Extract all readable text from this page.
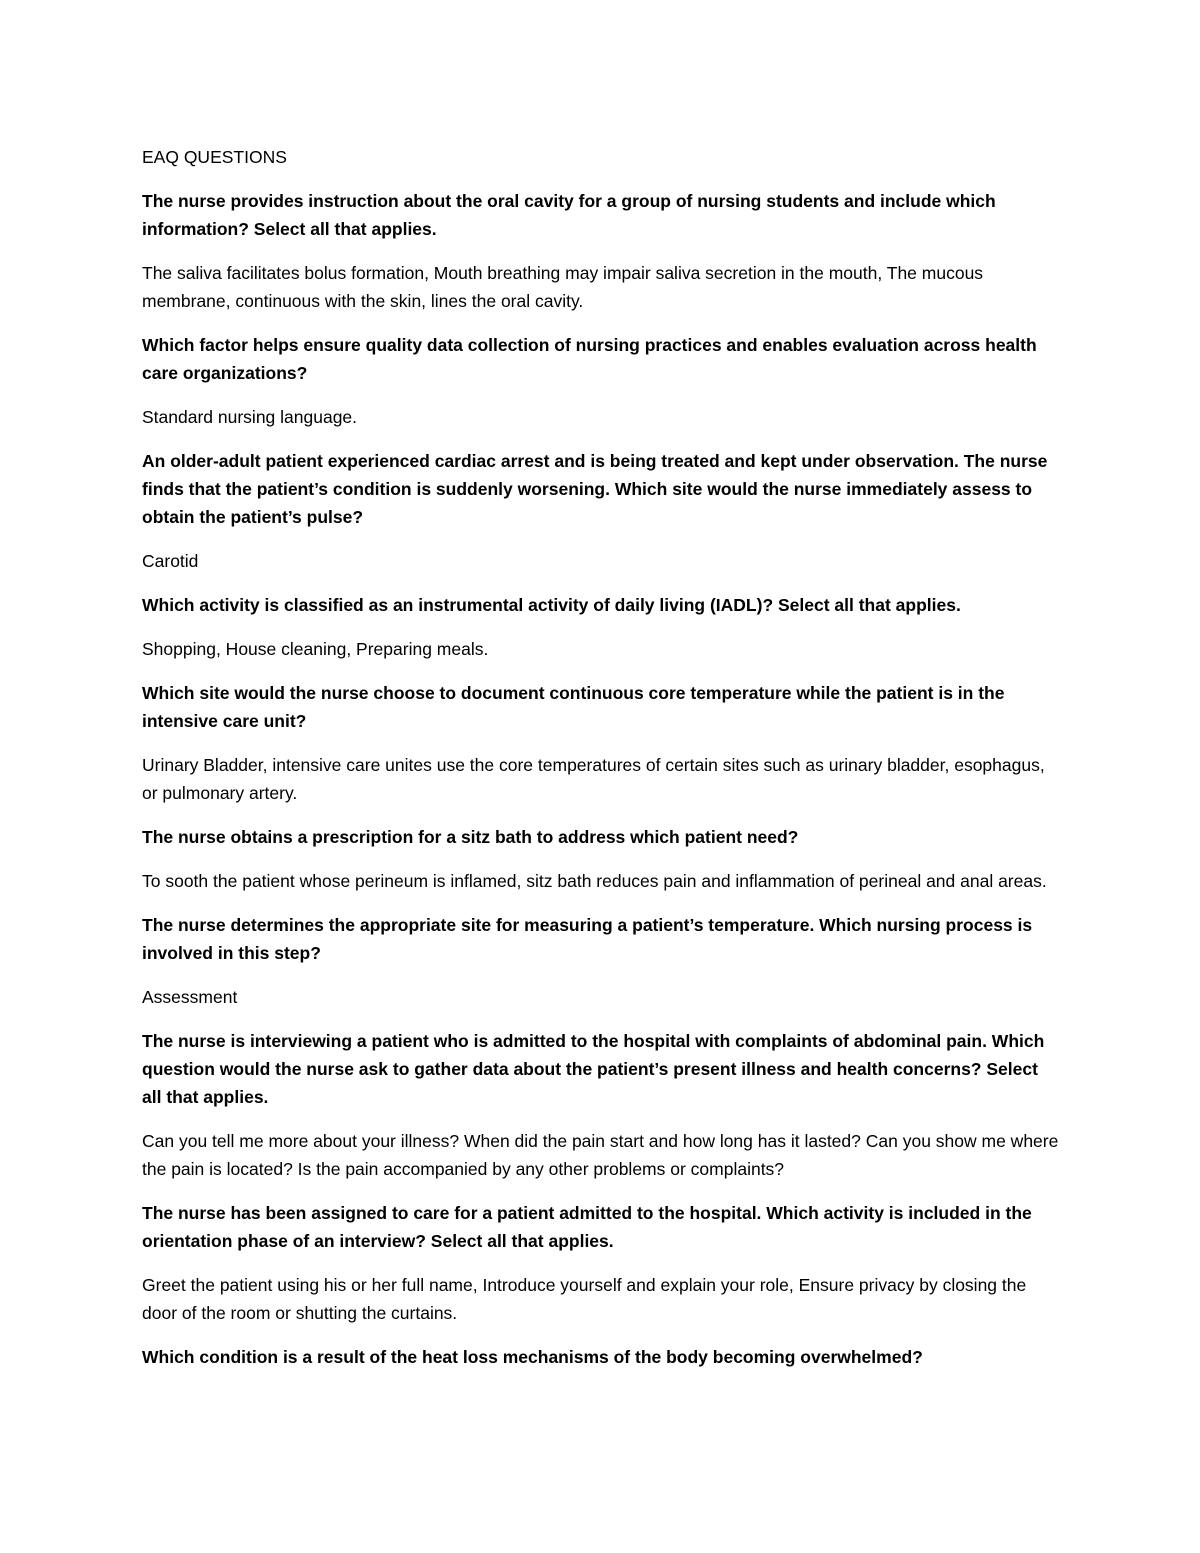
EAQ QUESTIONS

The nurse provides instruction about the oral cavity for a group of nursing students and include which information? Select all that applies.

The saliva facilitates bolus formation, Mouth breathing may impair saliva secretion in the mouth, The mucous membrane, continuous with the skin, lines the oral cavity.

Which factor helps ensure quality data collection of nursing practices and enables evaluation across health care organizations?

Standard nursing language.

An older-adult patient experienced cardiac arrest and is being treated and kept under observation. The nurse finds that the patient’s condition is suddenly worsening. Which site would the nurse immediately assess to obtain the patient’s pulse?

Carotid

Which activity is classified as an instrumental activity of daily living (IADL)? Select all that applies.

Shopping, House cleaning, Preparing meals.

Which site would the nurse choose to document continuous core temperature while the patient is in the intensive care unit?

Urinary Bladder, intensive care unites use the core temperatures of certain sites such as urinary bladder, esophagus, or pulmonary artery.

The nurse obtains a prescription for a sitz bath to address which patient need?

To sooth the patient whose perineum is inflamed, sitz bath reduces pain and inflammation of perineal and anal areas.

The nurse determines the appropriate site for measuring a patient’s temperature. Which nursing process is involved in this step?

Assessment

The nurse is interviewing a patient who is admitted to the hospital with complaints of abdominal pain. Which question would the nurse ask to gather data about the patient’s present illness and health concerns? Select all that applies.

Can you tell me more about your illness? When did the pain start and how long has it lasted? Can you show me where the pain is located? Is the pain accompanied by any other problems or complaints?

The nurse has been assigned to care for a patient admitted to the hospital. Which activity is included in the orientation phase of an interview? Select all that applies.

Greet the patient using his or her full name, Introduce yourself and explain your role, Ensure privacy by closing the door of the room or shutting the curtains.

Which condition is a result of the heat loss mechanisms of the body becoming overwhelmed?
